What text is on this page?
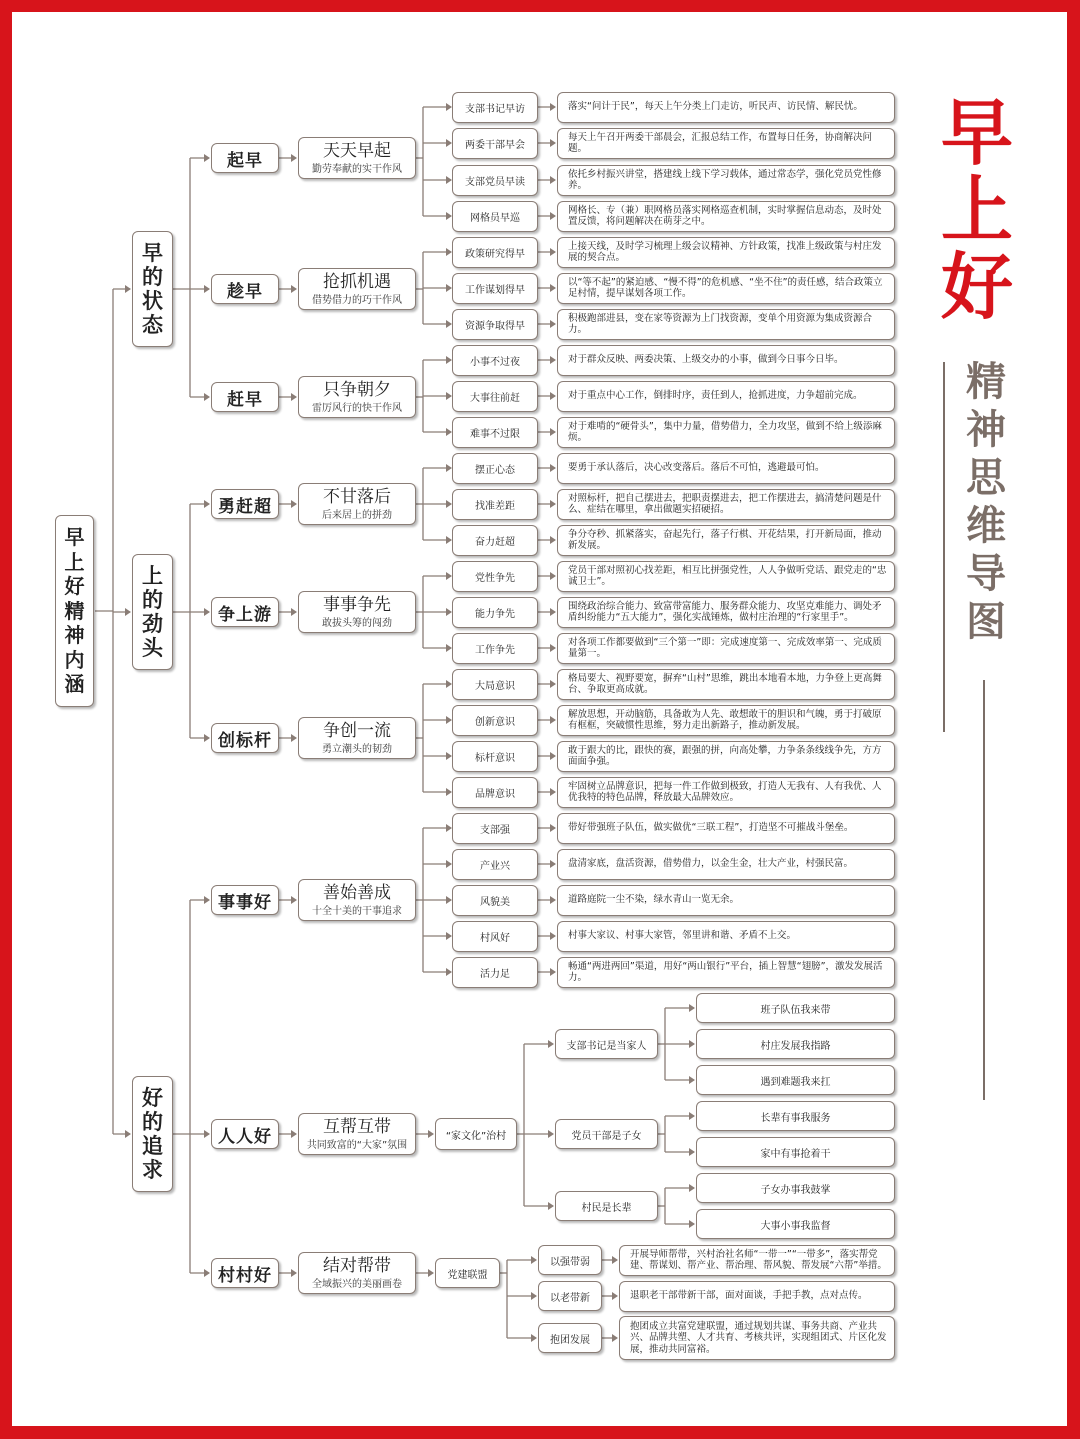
早上好精神内涵
早的状态
起早	天天早起
勤劳奉献的实干作风
支部书记早访	落实“问计于民”，每天上午分类上门走访，听民声、访民情、解民忧。
两委干部早会
每天上午召开两委干部晨会，汇报总结工作，布置每日任务，协商解决问题。
支部党员早读
依托乡村振兴讲堂，搭建线上线下学习载体，通过常态学，强化党员党性修养。
网格员早巡
网格长、专（兼）职网格员落实网格巡查机制，实时掌握信息动态，及时处置反馈，将问题解决在萌芽之中。
趁早	抢抓机遇
借势借力的巧干作风
政策研究得早
上接天线，及时学习梳理上级会议精神、方针政策，找准上级政策与村庄发展的契合点。
工作谋划得早
以“等不起”的紧迫感、“慢不得”的危机感、“坐不住”的责任感，结合政策立足村情，提早谋划各项工作。
资源争取得早
积极跑部进县，变在家等资源为上门找资源，变单个用资源为集成资源合力。
赶早	只争朝夕
雷厉风行的快干作风
小事不过夜	对于群众反映、两委决策、上级交办的小事，做到今日事今日毕。
大事往前赶	对于重点中心工作，倒排时序，责任到人，抢抓进度，力争超前完成。
难事不过限
对于难啃的“硬骨头”，集中力量，借势借力，全力攻坚，做到不给上级添麻烦。
上的劲头
勇赶超	不甘落后
后来居上的拼劲
摆正心态	要勇于承认落后，决心改变落后。落后不可怕，逃避最可怕。
找准差距
对照标杆，把自己摆进去，把职责摆进去，把工作摆进去，搞清楚问题是什么、症结在哪里，拿出做题实招硬招。
奋力赶超
争分夺秒、抓紧落实，奋起先行，落子行棋、开花结果，打开新局面，推动新发展。
争上游	事事争先
敢拔头筹的闯劲
党性争先
党员干部对照初心找差距，相互比拼强党性，人人争做听党话、跟党走的“忠诚卫士”。
能力争先
围绕政治综合能力、致富带富能力、服务群众能力、攻坚克难能力、调处矛盾纠纷能力“五大能力”，强化实战锤炼，做村庄治理的“行家里手”。
工作争先
对各项工作都要做到“三个第一”即：完成速度第一、完成效率第一、完成质量第一。
创标杆	争创一流
勇立潮头的韧劲
大局意识
格局要大、视野要宽，摒弃“山村”思维，跳出本地看本地，力争登上更高舞台、争取更高成就。
创新意识
解放思想，开动脑筋，具备敢为人先、敢想敢干的胆识和气魄，勇于打破原有框框，突破惯性思维，努力走出新路子，推动新发展。
标杆意识
敢于跟大的比，跟快的赛，跟强的拼，向高处攀，力争条条线线争先，方方面面争强。
品牌意识
牢固树立品牌意识，把每一件工作做到极致，打造人无我有、人有我优、人优我特的特色品牌，释放最大品牌效应。
好的追求
事事好	善始善成
十全十美的干事追求
支部强	带好带强班子队伍，做实做优“三联工程”，打造坚不可摧战斗堡垒。
产业兴	盘清家底，盘活资源，借势借力，以金生金，壮大产业，村强民富。
风貌美	道路庭院一尘不染，绿水青山一览无余。
村风好	村事大家议、村事大家管，邻里讲和谐、矛盾不上交。
活力足
畅通“两进两回”渠道，用好“两山银行”平台，插上智慧“翅膀”，激发发展活力。
人人好	互帮互带
共同致富的“大家”氛围
“家文化”治村
支部书记是当家人
班子队伍我来带
村庄发展我指路
遇到难题我来扛
党员干部是子女
长辈有事我服务
家中有事抢着干
村民是长辈
子女办事我鼓掌
大事小事我监督
村村好	结对帮带
全域振兴的美丽画卷
党建联盟
以强带弱
开展导师帮带，兴村治社名师“一带一”“一带多”，落实帮党建、帮谋划、帮产业、帮治理、帮风貌、帮发展“六帮”举措。
以老带新	退职老干部带新干部，面对面谈，手把手教，点对点传。
抱团发展
抱团成立共富党建联盟，通过规划共谋、事务共商、产业共兴、品牌共塑、人才共育、考核共评，实现组团式、片区化发展，推动共同富裕。
早上好
精神思维导图
